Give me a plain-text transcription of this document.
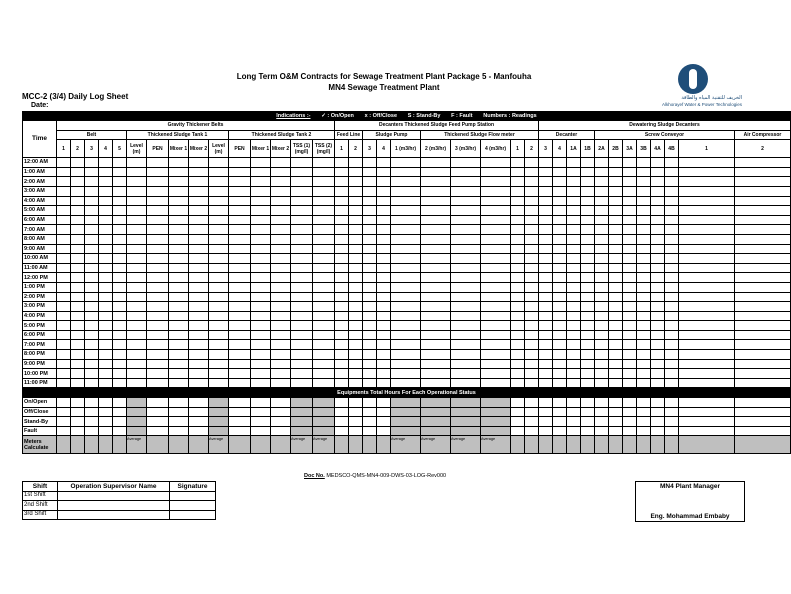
Long Term O&M Contracts for Sewage Treatment Plant Package 5 - Manfouha
MN4 Sewage Treatment Plant
MCC-2 (3/4) Daily Log Sheet
Date:
الخريف للتقنية المياه والطاقة
Alkhorayef Water & Power Technologies
Indications :- ✓ : On/Open x : Off/Close S : Stand-By F : Fault Numbers : Readings																																					
Time	Gravity Thickener Belts															Decanters Thickened Sludge Feed Pump Station										Dewatering Sludge Decanters											
	Belt					Thickened Sludge Tank 1					Thickened Sludge Tank 2					Feed Line		Sludge Pump			Thickened Sludge Flow meter					Decanter				Screw Conveyor							Air Compressor
	1	2	3	4	5	Level (m)	PEN	Mixer 1	Mixer 2	Level (m)	PEN	Mixer 1	Mixer 2	TSS (1) (mg/l)	TSS (2) (mg/l)	1	2	3	4	1 (m3/hr)	2 (m3/hr)	3 (m3/hr)	4 (m3/hr)	1	2	3	4	1A	1B	2A	2B	3A	3B	4A	4B	1	2
12:00 AM																																					
1:00 AM																																					
2:00 AM																																					
3:00 AM																																					
4:00 AM																																					
5:00 AM																																					
6:00 AM																																					
7:00 AM																																					
8:00 AM																																					
9:00 AM																																					
10:00 AM																																					
11:00 AM																																					
12:00 PM																																					
1:00 PM																																					
2:00 PM																																					
3:00 PM																																					
4:00 PM																																					
5:00 PM																																					
6:00 PM																																					
7:00 PM																																					
8:00 PM																																					
9:00 PM																																					
10:00 PM																																					
11:00 PM																																					
Equipments Total Hours For Each Operational Status																																					
On/Open																																					
Off/Close																																					
Stand-By																																					
Fault																																					
Meters Calculate						Average				Average				Average	Average					Average	Average	Average	Average														
Doc No. MEDSCO-QMS-MN4-009-DWS-03-LOG-Rev000
Shift	Operation Supervisor Name	Signature
1st Shift		
2nd Shift		
3rd Shift		
MN4 Plant Manager
Eng. Mohammad Embaby
